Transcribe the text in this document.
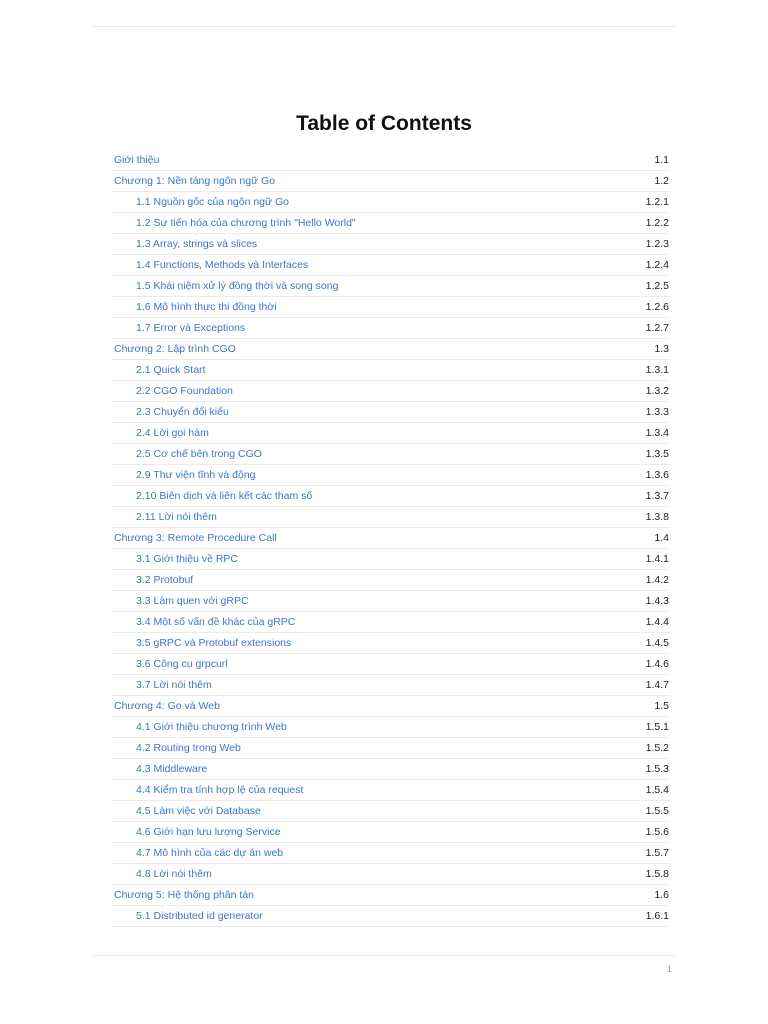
Table of Contents
Giới thiệu	1.1
Chương 1: Nền tảng ngôn ngữ Go	1.2
1.1 Nguồn gốc của ngôn ngữ Go	1.2.1
1.2 Sự tiến hóa của chương trình "Hello World"	1.2.2
1.3 Array, strings và slices	1.2.3
1.4 Functions, Methods và Interfaces	1.2.4
1.5 Khái niệm xử lý đồng thời và song song	1.2.5
1.6 Mô hình thực thi đồng thời	1.2.6
1.7 Error và Exceptions	1.2.7
Chương 2: Lập trình CGO	1.3
2.1 Quick Start	1.3.1
2.2 CGO Foundation	1.3.2
2.3 Chuyển đổi kiểu	1.3.3
2.4 Lời gọi hàm	1.3.4
2.5 Cơ chế bên trong CGO	1.3.5
2.9 Thư viện tĩnh và động	1.3.6
2.10 Biên dịch và liên kết các tham số	1.3.7
2.11 Lời nói thêm	1.3.8
Chương 3: Remote Procedure Call	1.4
3.1 Giới thiệu về RPC	1.4.1
3.2 Protobuf	1.4.2
3.3 Làm quen với gRPC	1.4.3
3.4 Một số vấn đề khác của gRPC	1.4.4
3.5 gRPC và Protobuf extensions	1.4.5
3.6 Công cụ grpcurl	1.4.6
3.7 Lời nói thêm	1.4.7
Chương 4: Go và Web	1.5
4.1 Giới thiệu chương trình Web	1.5.1
4.2 Routing trong Web	1.5.2
4.3 Middleware	1.5.3
4.4 Kiểm tra tính hợp lệ của request	1.5.4
4.5 Làm việc với Database	1.5.5
4.6 Giới hạn lưu lượng Service	1.5.6
4.7 Mô hình của các dự án web	1.5.7
4.8 Lời nói thêm	1.5.8
Chương 5: Hệ thống phân tán	1.6
5.1 Distributed id generator	1.6.1
1
